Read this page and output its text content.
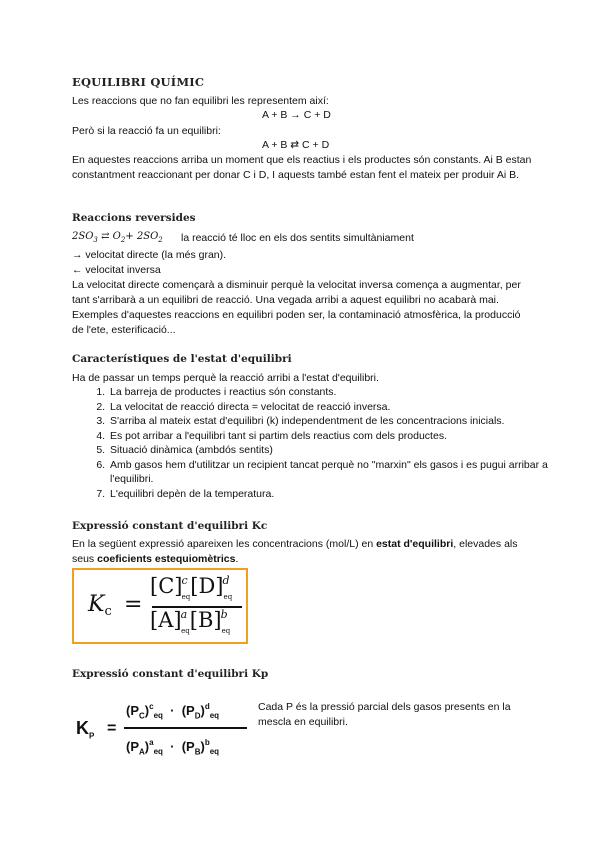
EQUILIBRI QUÍMIC
Les reaccions que no fan equilibri les representem així:
A + B → C + D
Però si la reacció fa un equilibri:
A + B ⇄ C + D
En aquestes reaccions arriba un moment que els reactius i els productes són constants. Ai B estan constantment reaccionant per donar C i D, I aquests també estan fent el mateix per produir Ai B.
Reaccions reversides
$2SO_3$ ⇄ $O_2+ 2SO_2$ la reacció té lloc en els dos sentits simultàniament
→ velocitat directe (la més gran).
← velocitat inversa
La velocitat directe començarà a disminuir perquè la velocitat inversa comença a augmentar, per tant s'arribarà a un equilibri de reacció. Una vegada arribi a aquest equilibri no acabarà mai. Exemples d'aquestes reaccions en equilibri poden ser, la contaminació atmosfèrica, la producció de l'ete, esterificació...
Característiques de l'estat d'equilibri
Ha de passar un temps perquè la reacció arribi a l'estat d'equilibri.
1. La barreja de productes i reactius són constants.
2. La velocitat de reacció directa = velocitat de reacció inversa.
3. S'arriba al mateix estat d'equilibri (k) independentment de les concentracions inicials.
4. Es pot arribar a l'equilibri tant si partim dels reactius com dels productes.
5. Situació dinàmica (ambdós sentits)
6. Amb gasos hem d'utilitzar un recipient tancat perquè no "marxin" els gasos i es pugui arribar a l'equilibri.
7. L'equilibri depèn de la temperatura.
Expressió constant d'equilibri Kc
En la següent expressió apareixen les concentracions (mol/L) en estat d'equilibri, elevades als seus coeficients estequiomètrics.
$K_c$ =
$[C]^c_{eq}[D]^d_{eq}$
$[A]^a_{eq}[B]^b_{eq}$
Expressió constant d'equilibri Kp
$K_P$ =
$(P_C)^c_{eq} \cdot (P_D)^d_{eq}$
$(P_A)^a_{eq} \cdot (P_B)^b_{eq}$
Cada P és la pressió parcial dels gasos presents en la mescla en equilibri.
